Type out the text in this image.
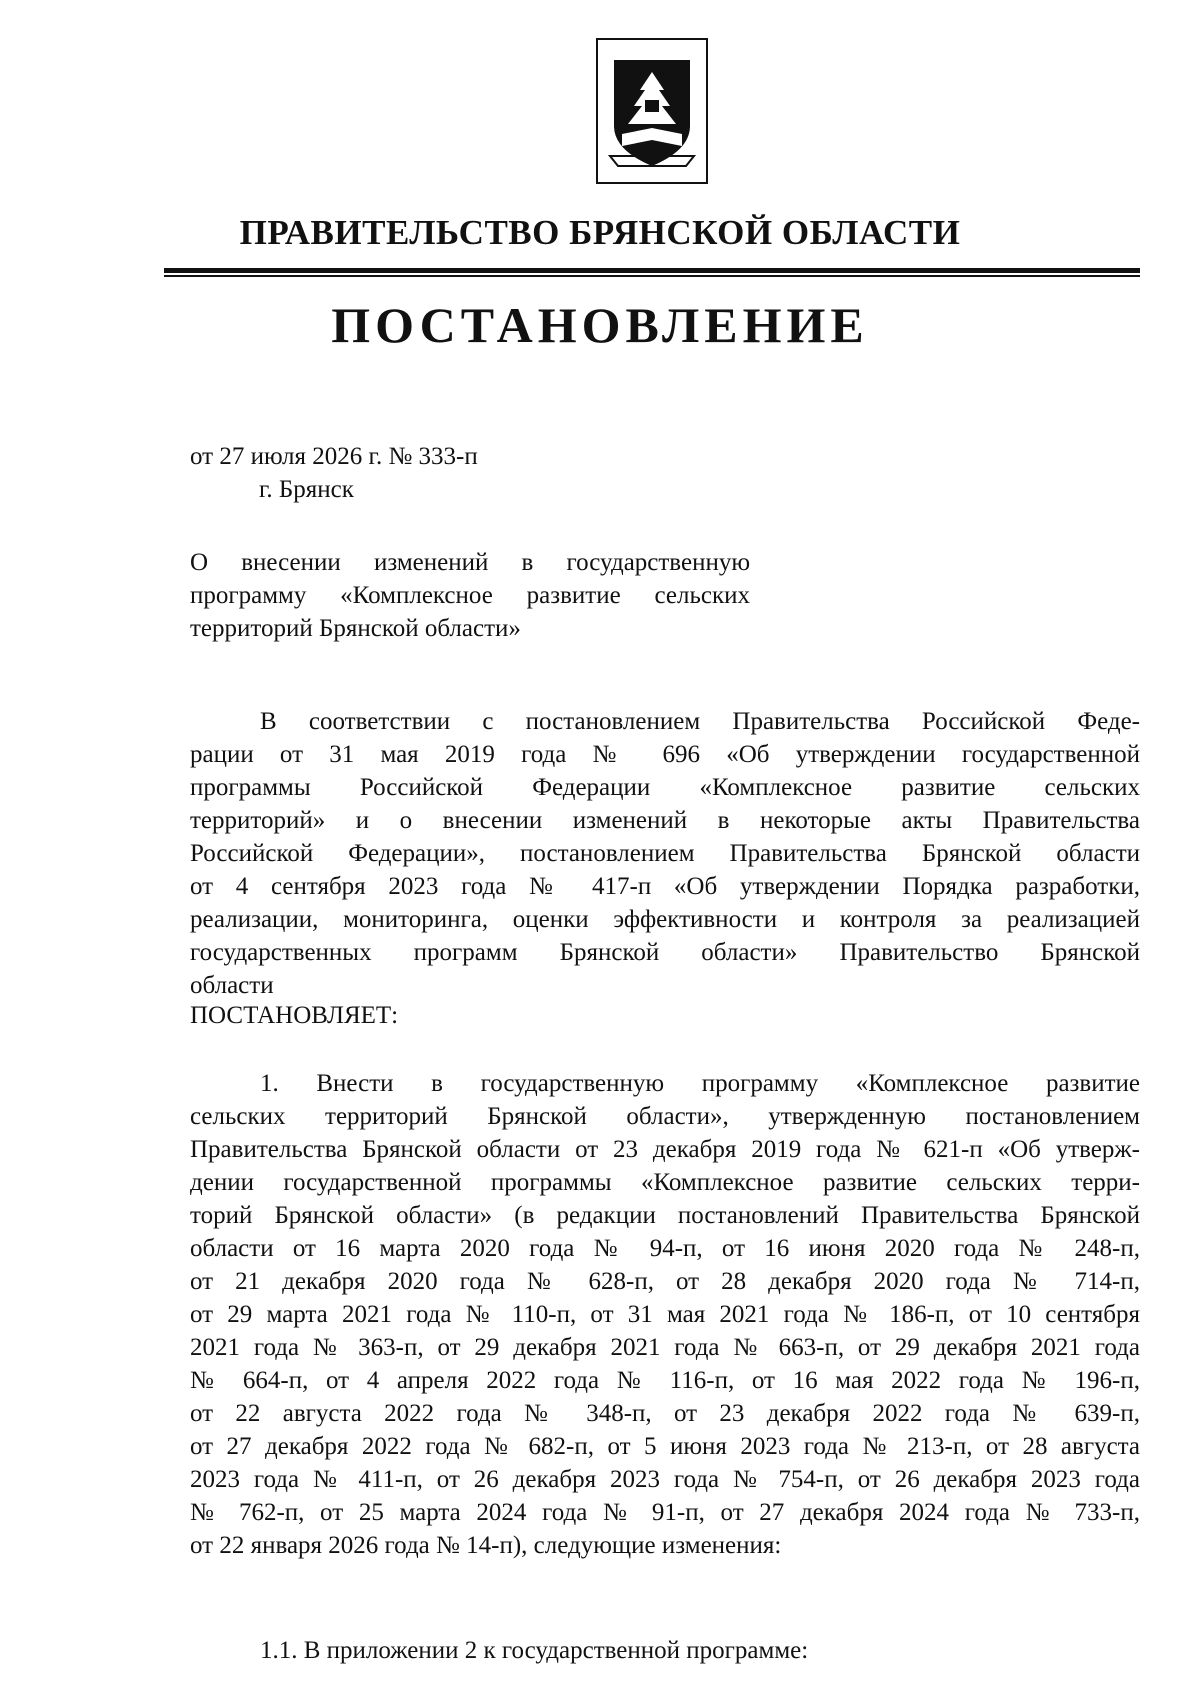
ПРАВИТЕЛЬСТВО БРЯНСКОЙ ОБЛАСТИ
ПОСТАНОВЛЕНИЕ
от 27 июля 2026 г. № 333-п
г. Брянск
О внесении изменений в государственную
программу «Комплексное развитие сельских
территорий Брянской области»
В соответствии с постановлением Правительства Российской Феде-
рации от 31 мая 2019 года № 696 «Об утверждении государственной
программы Российской Федерации «Комплексное развитие сельских
территорий» и о внесении изменений в некоторые акты Правительства
Российской Федерации», постановлением Правительства Брянской области
от 4 сентября 2023 года № 417-п «Об утверждении Порядка разработки,
реализации, мониторинга, оценки эффективности и контроля за реализацией
государственных программ Брянской области» Правительство Брянской
области
ПОСТАНОВЛЯЕТ:
1. Внести в государственную программу «Комплексное развитие
сельских территорий Брянской области», утвержденную постановлением
Правительства Брянской области от 23 декабря 2019 года № 621-п «Об утверж-
дении государственной программы «Комплексное развитие сельских терри-
торий Брянской области» (в редакции постановлений Правительства Брянской
области от 16 марта 2020 года № 94-п, от 16 июня 2020 года № 248-п,
от 21 декабря 2020 года № 628-п, от 28 декабря 2020 года № 714-п,
от 29 марта 2021 года № 110-п, от 31 мая 2021 года № 186-п, от 10 сентября
2021 года № 363-п, от 29 декабря 2021 года № 663-п, от 29 декабря 2021 года
№ 664-п, от 4 апреля 2022 года № 116-п, от 16 мая 2022 года № 196-п,
от 22 августа 2022 года № 348-п, от 23 декабря 2022 года № 639-п,
от 27 декабря 2022 года № 682-п, от 5 июня 2023 года № 213-п, от 28 августа
2023 года № 411-п, от 26 декабря 2023 года № 754-п, от 26 декабря 2023 года
№ 762-п, от 25 марта 2024 года № 91-п, от 27 декабря 2024 года № 733-п,
от 22 января 2026 года № 14-п), следующие изменения:
1.1. В приложении 2 к государственной программе:
